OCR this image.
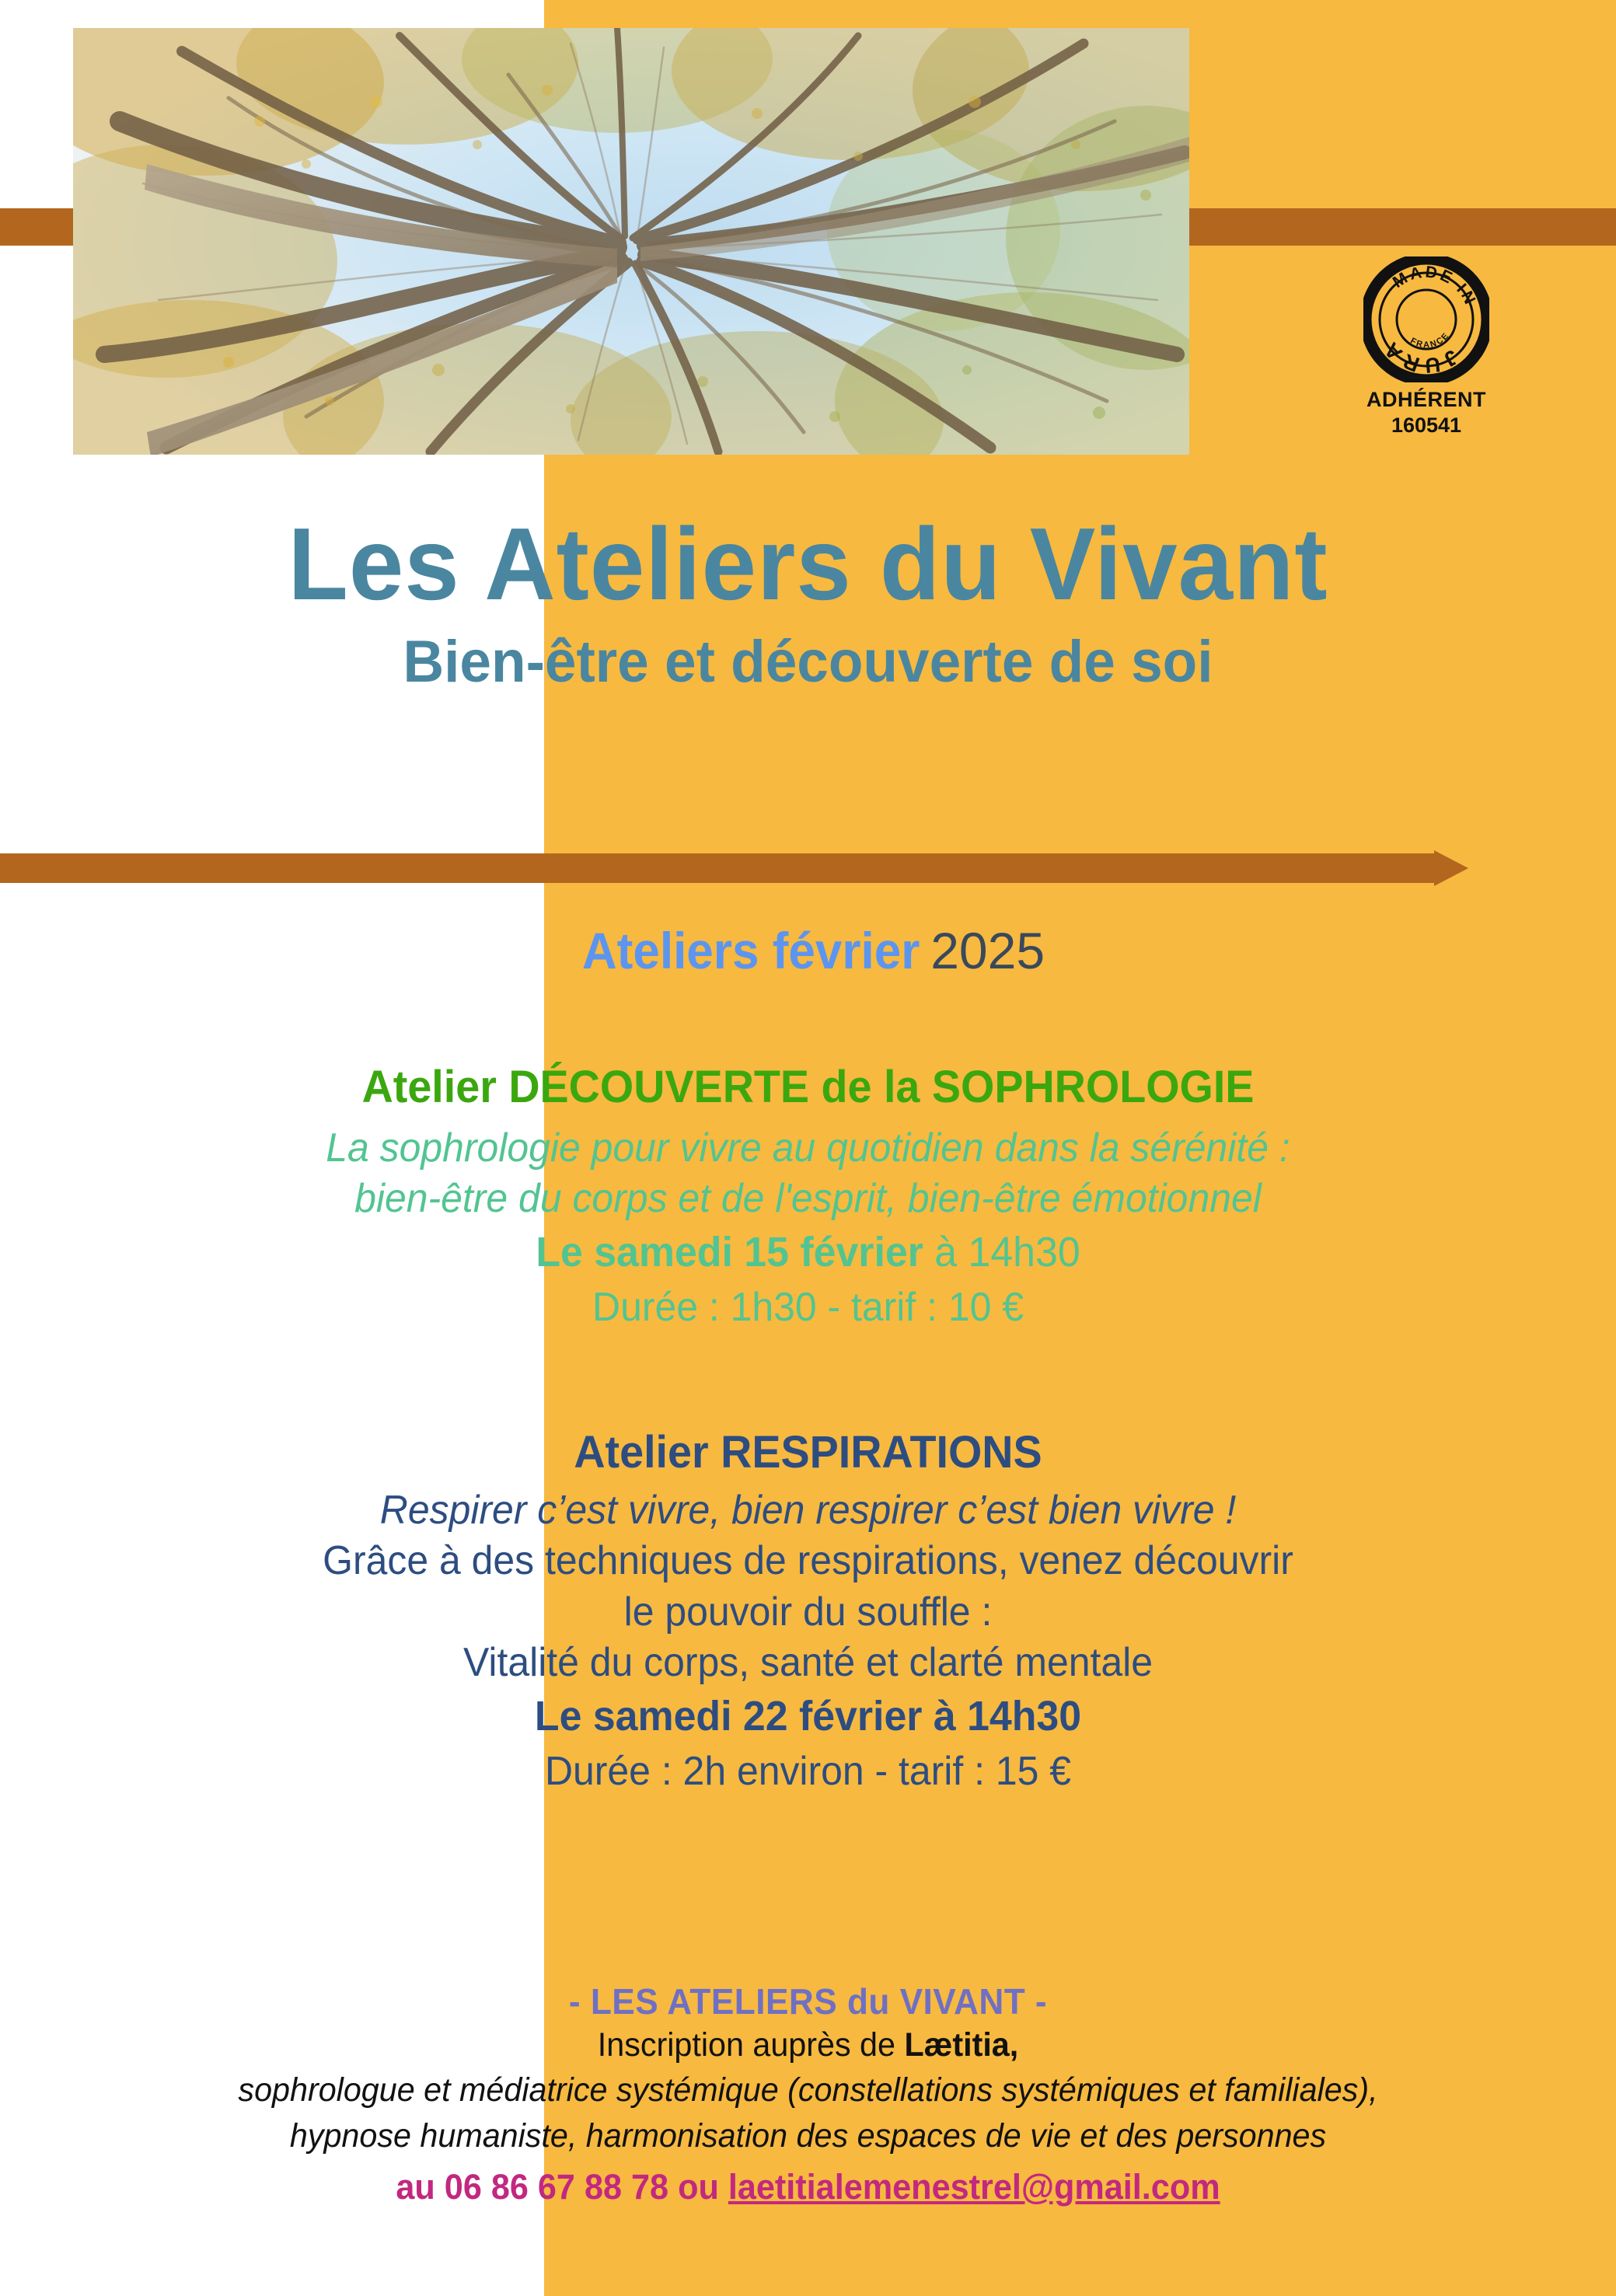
MADE IN
JURA FRANCE
ADHÉRENT
160541
Les Ateliers du Vivant
Bien-être et découverte de soi
Ateliers février 2025
Atelier DÉCOUVERTE de la SOPHROLOGIE
La sophrologie pour vivre au quotidien dans la sérénité :
bien-être du corps et de l'esprit, bien-être émotionnel
Le samedi 15 février à 14h30
Durée : 1h30 - tarif : 10 €
Atelier RESPIRATIONS
Respirer c’est vivre, bien respirer c’est bien vivre !
Grâce à des techniques de respirations, venez découvrir
le pouvoir du souffle :
Vitalité du corps, santé et clarté mentale
Le samedi 22 février à 14h30
Durée : 2h environ - tarif : 15 €
- LES ATELIERS du VIVANT -
Inscription auprès de Lætitia,
sophrologue et médiatrice systémique (constellations systémiques et familiales),
hypnose humaniste, harmonisation des espaces de vie et des personnes
au 06 86 67 88 78 ou laetitialemenestrel@gmail.com
